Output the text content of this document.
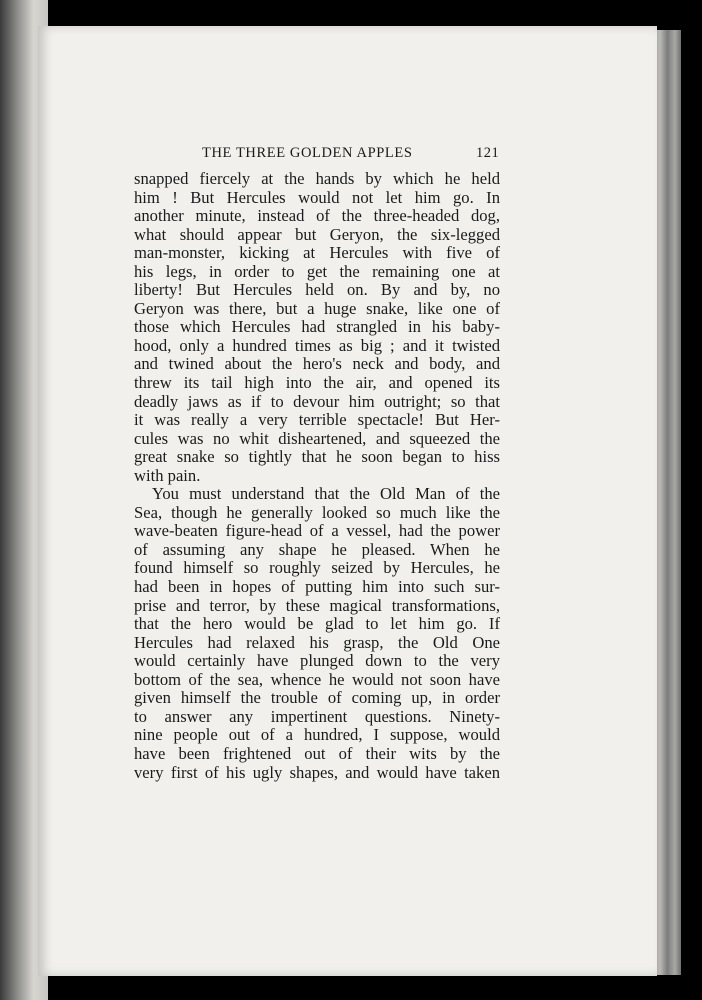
THE THREE GOLDEN APPLES	121
snapped fiercely at the hands by which he held
him ! But Hercules would not let him go. In
another minute, instead of the three-headed dog,
what should appear but Geryon, the six-legged
man-monster, kicking at Hercules with five of
his legs, in order to get the remaining one at
liberty! But Hercules held on. By and by, no
Geryon was there, but a huge snake, like one of
those which Hercules had strangled in his baby-
hood, only a hundred times as big ; and it twisted
and twined about the hero's neck and body, and
threw its tail high into the air, and opened its
deadly jaws as if to devour him outright; so that
it was really a very terrible spectacle! But Her-
cules was no whit disheartened, and squeezed the
great snake so tightly that he soon began to hiss
with pain.
You must understand that the Old Man of the
Sea, though he generally looked so much like the
wave-beaten figure-head of a vessel, had the power
of assuming any shape he pleased. When he
found himself so roughly seized by Hercules, he
had been in hopes of putting him into such sur-
prise and terror, by these magical transformations,
that the hero would be glad to let him go. If
Hercules had relaxed his grasp, the Old One
would certainly have plunged down to the very
bottom of the sea, whence he would not soon have
given himself the trouble of coming up, in order
to answer any impertinent questions. Ninety-
nine people out of a hundred, I suppose, would
have been frightened out of their wits by the
very first of his ugly shapes, and would have taken
